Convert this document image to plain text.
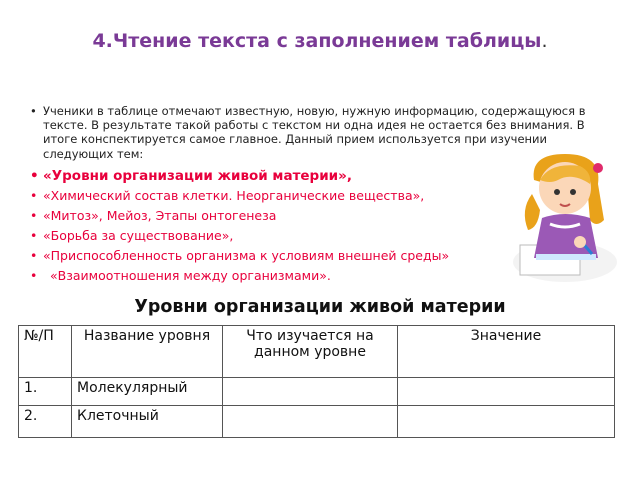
4.Чтение текста с заполнением таблицы.

• Ученики в таблице отмечают известную, новую, нужную информацию, содержащуюся в тексте. В результате такой работы с текстом ни одна идея не остается без внимания. В итоге конспектируется самое главное. Данный прием используется при изучении следующих тем:

• «Уровни организации живой материи»,

• «Химический состав клетки. Неорганические вещества»,

• «Митоз», Мейоз, Этапы онтогенеза

• «Борьба за существование»,

• «Приспособленность организма к условиям внешней среды»

• «Взаимоотношения между организмами».

Уровни организации живой материи
№/П	Название уровня	Что изучается на данном уровне	Значение
1.	Молекулярный		
2.	Клеточный		
